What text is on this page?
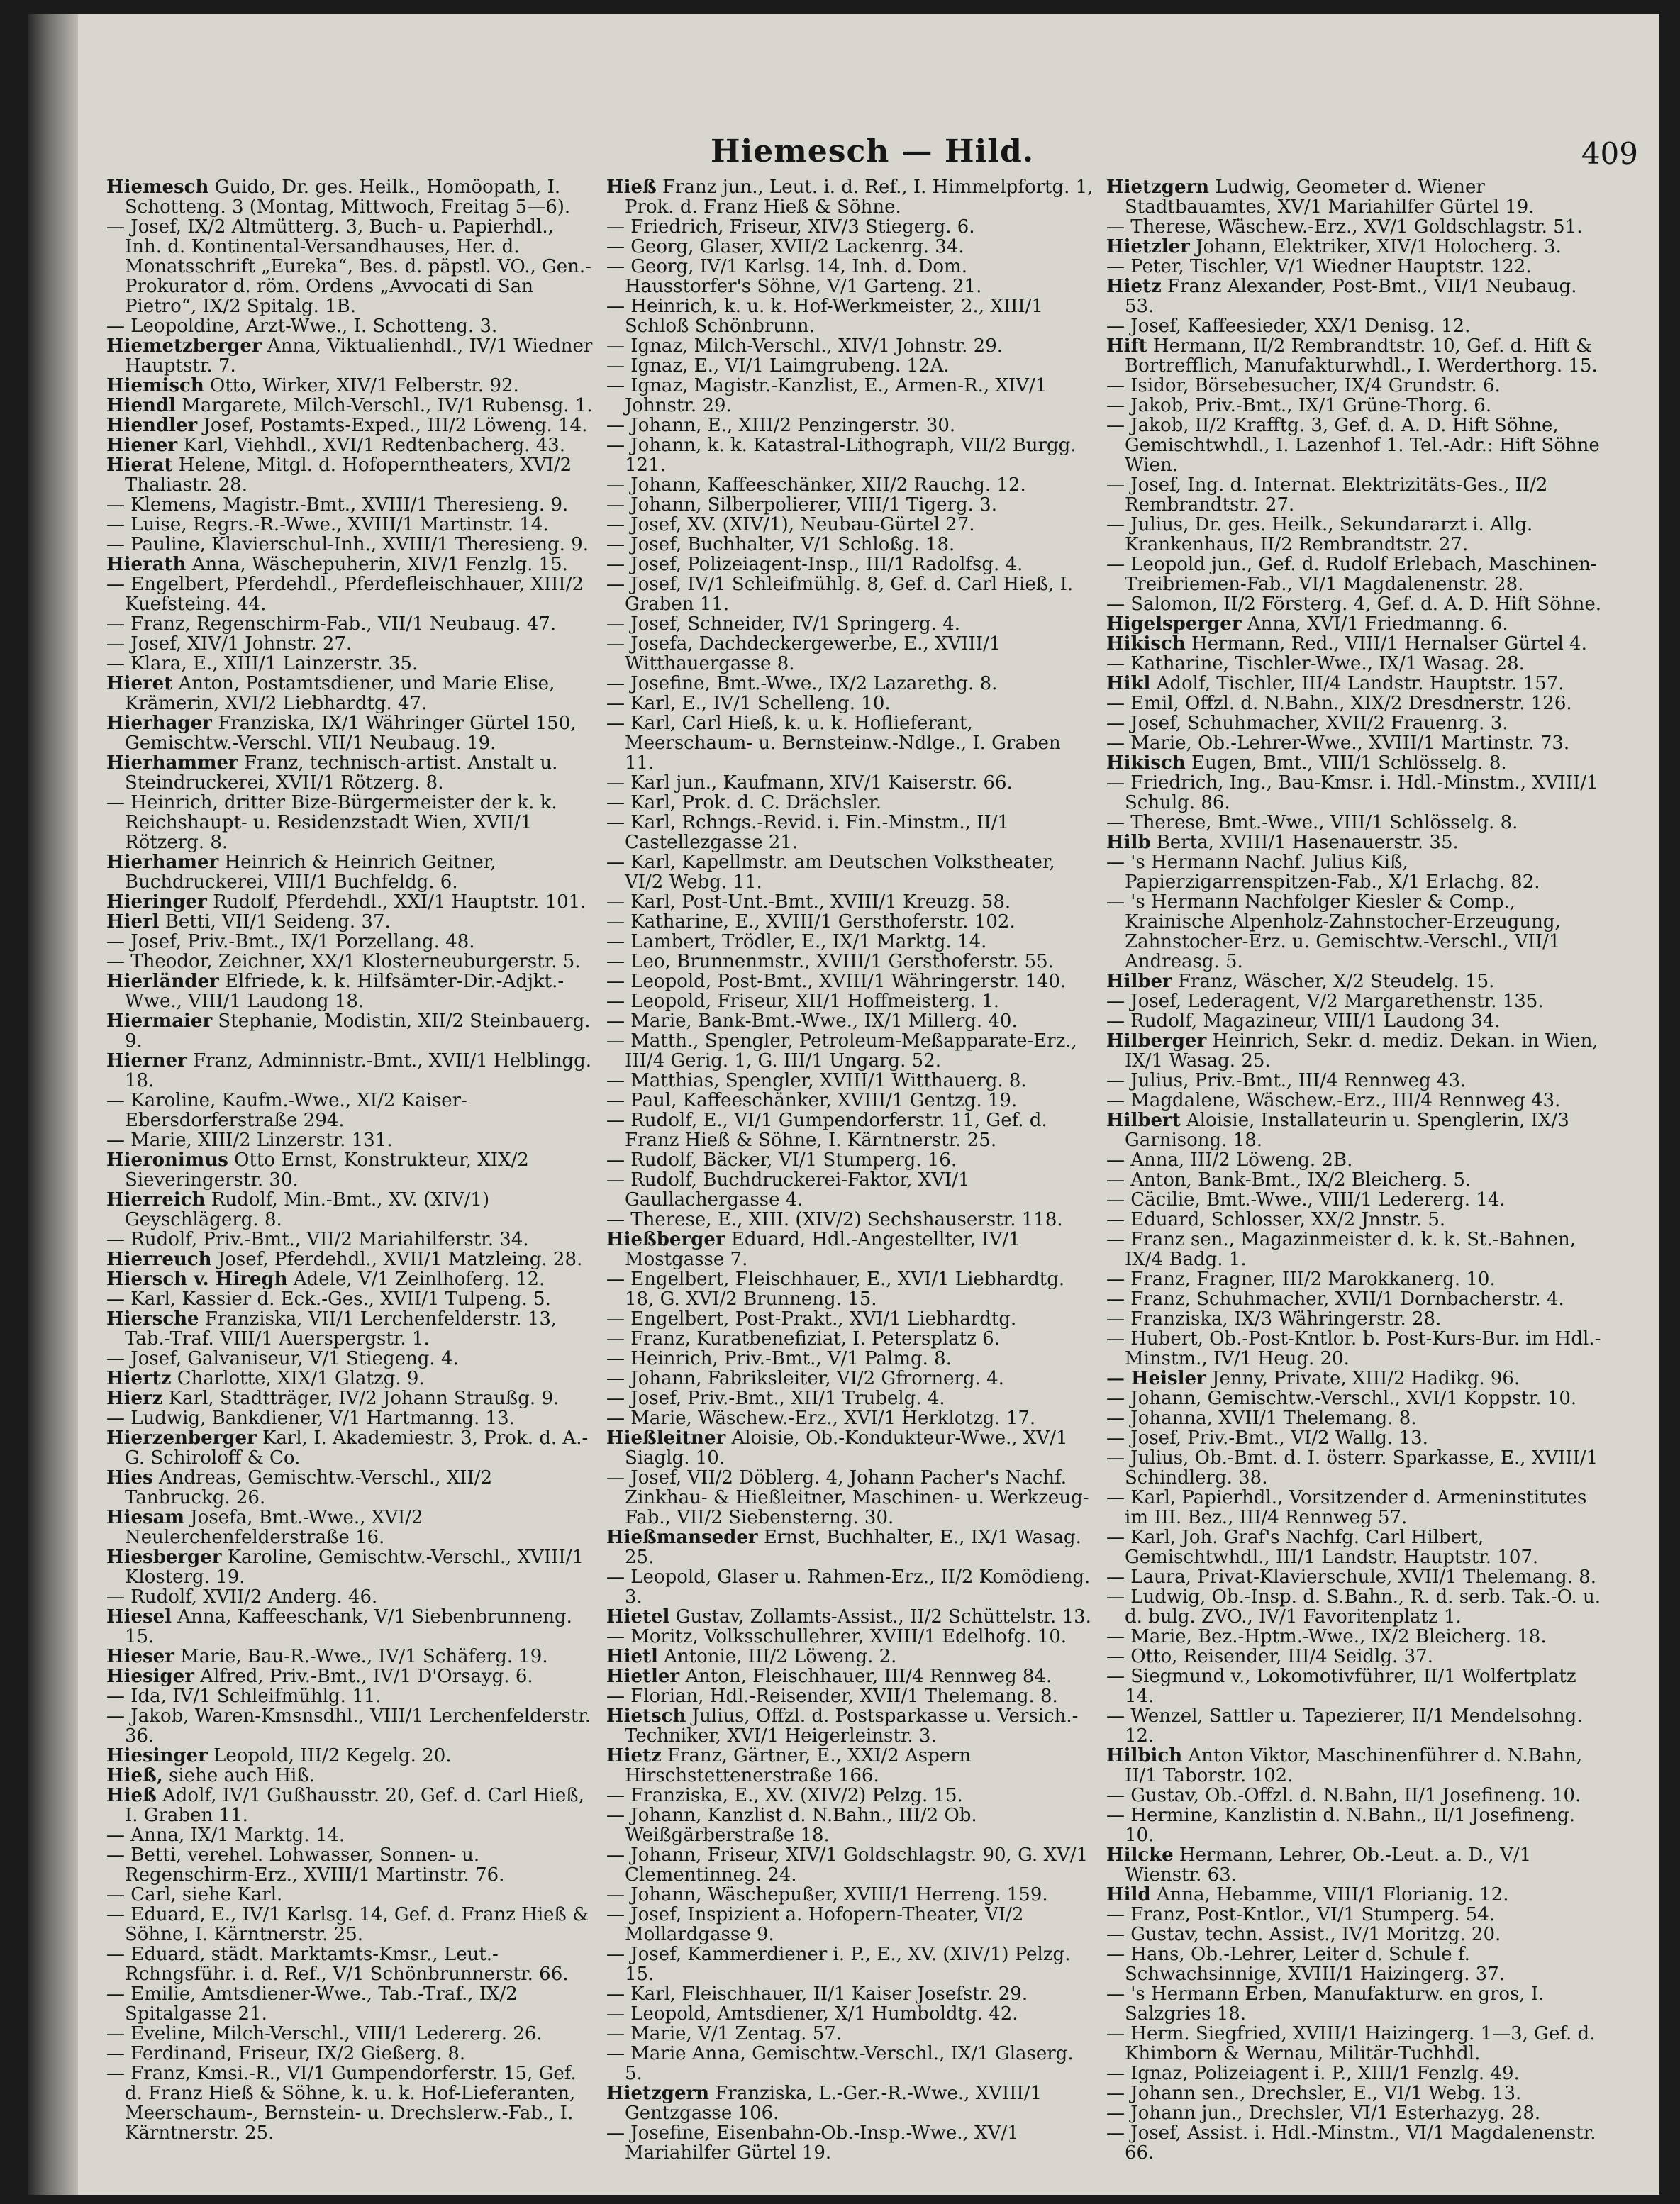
Hiemesch — Hild.	409

Hiemesch Guido, Dr. ges. Heilk., Homöopath, I. Schotteng. 3 (Montag, Mittwoch, Freitag 5—6).

— Josef, IX/2 Altmütterg. 3, Buch- u. Papierhdl., Inh. d. Kontinental-Versandhauses, Her. d. Monatsschrift „Eureka“, Bes. d. päpstl. VO., Gen.-Prokurator d. röm. Ordens „Avvocati di San Pietro“, IX/2 Spitalg. 1B.

— Leopoldine, Arzt-Wwe., I. Schotteng. 3.

Hiemetzberger Anna, Viktualienhdl., IV/1 Wiedner Hauptstr. 7.

Hiemisch Otto, Wirker, XIV/1 Felberstr. 92.

Hiendl Margarete, Milch-Verschl., IV/1 Rubensg. 1.

Hiendler Josef, Postamts-Exped., III/2 Löweng. 14.

Hiener Karl, Viehhdl., XVI/1 Redtenbacherg. 43.

Hierat Helene, Mitgl. d. Hofoperntheaters, XVI/2 Thaliastr. 28.

— Klemens, Magistr.-Bmt., XVIII/1 Theresieng. 9.

— Luise, Regrs.-R.-Wwe., XVIII/1 Martinstr. 14.

— Pauline, Klavierschul-Inh., XVIII/1 Theresieng. 9.

Hierath Anna, Wäschepuherin, XIV/1 Fenzlg. 15.

— Engelbert, Pferdehdl., Pferdefleischhauer, XIII/2 Kuefsteing. 44.

— Franz, Regenschirm-Fab., VII/1 Neubaug. 47.

— Josef, XIV/1 Johnstr. 27.

— Klara, E., XIII/1 Lainzerstr. 35.

Hieret Anton, Postamtsdiener, und Marie Elise, Krämerin, XVI/2 Liebhardtg. 47.

Hierhager Franziska, IX/1 Währinger Gürtel 150, Gemischtw.-Verschl. VII/1 Neubaug. 19.

Hierhammer Franz, technisch-artist. Anstalt u. Steindruckerei, XVII/1 Rötzerg. 8.

— Heinrich, dritter Bize-Bürgermeister der k. k. Reichshaupt- u. Residenzstadt Wien, XVII/1 Rötzerg. 8.

Hierhamer Heinrich & Heinrich Geitner, Buchdruckerei, VIII/1 Buchfeldg. 6.

Hieringer Rudolf, Pferdehdl., XXI/1 Hauptstr. 101.

Hierl Betti, VII/1 Seideng. 37.

— Josef, Priv.-Bmt., IX/1 Porzellang. 48.

— Theodor, Zeichner, XX/1 Klosterneuburgerstr. 5.

Hierländer Elfriede, k. k. Hilfsämter-Dir.-Adjkt.-Wwe., VIII/1 Laudong 18.

Hiermaier Stephanie, Modistin, XII/2 Steinbauerg. 9.

Hierner Franz, Adminnistr.-Bmt., XVII/1 Helblingg. 18.

— Karoline, Kaufm.-Wwe., XI/2 Kaiser-Ebersdorferstraße 294.

— Marie, XIII/2 Linzerstr. 131.

Hieronimus Otto Ernst, Konstrukteur, XIX/2 Sieveringerstr. 30.

Hierreich Rudolf, Min.-Bmt., XV. (XIV/1) Geyschlägerg. 8.

— Rudolf, Priv.-Bmt., VII/2 Mariahilferstr. 34.

Hierreuch Josef, Pferdehdl., XVII/1 Matzleing. 28.

Hiersch v. Hiregh Adele, V/1 Zeinlhoferg. 12.

— Karl, Kassier d. Eck.-Ges., XVII/1 Tulpeng. 5.

Hiersche Franziska, VII/1 Lerchenfelderstr. 13, Tab.-Traf. VIII/1 Auerspergstr. 1.

— Josef, Galvaniseur, V/1 Stiegeng. 4.

Hiertz Charlotte, XIX/1 Glatzg. 9.

Hierz Karl, Stadtträger, IV/2 Johann Straußg. 9.

— Ludwig, Bankdiener, V/1 Hartmanng. 13.

Hierzenberger Karl, I. Akademiestr. 3, Prok. d. A.-G. Schiroloff & Co.

Hies Andreas, Gemischtw.-Verschl., XII/2 Tanbruckg. 26.

Hiesam Josefa, Bmt.-Wwe., XVI/2 Neulerchenfelderstraße 16.

Hiesberger Karoline, Gemischtw.-Verschl., XVIII/1 Klosterg. 19.

— Rudolf, XVII/2 Anderg. 46.

Hiesel Anna, Kaffeeschank, V/1 Siebenbrunneng. 15.

Hieser Marie, Bau-R.-Wwe., IV/1 Schäferg. 19.

Hiesiger Alfred, Priv.-Bmt., IV/1 D'Orsayg. 6.

— Ida, IV/1 Schleifmühlg. 11.

— Jakob, Waren-Kmsnsdhl., VIII/1 Lerchenfelderstr. 36.

Hiesinger Leopold, III/2 Kegelg. 20.

Hieß, siehe auch Hiß.

Hieß Adolf, IV/1 Gußhausstr. 20, Gef. d. Carl Hieß, I. Graben 11.

— Anna, IX/1 Marktg. 14.

— Betti, verehel. Lohwasser, Sonnen- u. Regenschirm-Erz., XVIII/1 Martinstr. 76.

— Carl, siehe Karl.

— Eduard, E., IV/1 Karlsg. 14, Gef. d. Franz Hieß & Söhne, I. Kärntnerstr. 25.

— Eduard, städt. Marktamts-Kmsr., Leut.-Rchngsführ. i. d. Ref., V/1 Schönbrunnerstr. 66.

— Emilie, Amtsdiener-Wwe., Tab.-Traf., IX/2 Spitalgasse 21.

— Eveline, Milch-Verschl., VIII/1 Ledererg. 26.

— Ferdinand, Friseur, IX/2 Gießerg. 8.

— Franz, Kmsi.-R., VI/1 Gumpendorferstr. 15, Gef. d. Franz Hieß & Söhne, k. u. k. Hof-Lieferanten, Meerschaum-, Bernstein- u. Drechslerw.-Fab., I. Kärntnerstr. 25.

Hieß Franz jun., Leut. i. d. Ref., I. Himmelpfortg. 1, Prok. d. Franz Hieß & Söhne.

— Friedrich, Friseur, XIV/3 Stiegerg. 6.

— Georg, Glaser, XVII/2 Lackenrg. 34.

— Georg, IV/1 Karlsg. 14, Inh. d. Dom. Hausstorfer's Söhne, V/1 Garteng. 21.

— Heinrich, k. u. k. Hof-Werkmeister, 2., XIII/1 Schloß Schönbrunn.

— Ignaz, Milch-Verschl., XIV/1 Johnstr. 29.

— Ignaz, E., VI/1 Laimgrubeng. 12A.

— Ignaz, Magistr.-Kanzlist, E., Armen-R., XIV/1 Johnstr. 29.

— Johann, E., XIII/2 Penzingerstr. 30.

— Johann, k. k. Katastral-Lithograph, VII/2 Burgg. 121.

— Johann, Kaffeeschänker, XII/2 Rauchg. 12.

— Johann, Silberpolierer, VIII/1 Tigerg. 3.

— Josef, XV. (XIV/1), Neubau-Gürtel 27.

— Josef, Buchhalter, V/1 Schloßg. 18.

— Josef, Polizeiagent-Insp., III/1 Radolfsg. 4.

— Josef, IV/1 Schleifmühlg. 8, Gef. d. Carl Hieß, I. Graben 11.

— Josef, Schneider, IV/1 Springerg. 4.

— Josefa, Dachdeckergewerbe, E., XVIII/1 Witthauergasse 8.

— Josefine, Bmt.-Wwe., IX/2 Lazarethg. 8.

— Karl, E., IV/1 Schelleng. 10.

— Karl, Carl Hieß, k. u. k. Hoflieferant, Meerschaum- u. Bernsteinw.-Ndlge., I. Graben 11.

— Karl jun., Kaufmann, XIV/1 Kaiserstr. 66.

— Karl, Prok. d. C. Drächsler.

— Karl, Rchngs.-Revid. i. Fin.-Minstm., II/1 Castellezgasse 21.

— Karl, Kapellmstr. am Deutschen Volkstheater, VI/2 Webg. 11.

— Karl, Post-Unt.-Bmt., XVIII/1 Kreuzg. 58.

— Katharine, E., XVIII/1 Gersthoferstr. 102.

— Lambert, Trödler, E., IX/1 Marktg. 14.

— Leo, Brunnenmstr., XVIII/1 Gersthoferstr. 55.

— Leopold, Post-Bmt., XVIII/1 Währingerstr. 140.

— Leopold, Friseur, XII/1 Hoffmeisterg. 1.

— Marie, Bank-Bmt.-Wwe., IX/1 Millerg. 40.

— Matth., Spengler, Petroleum-Meßapparate-Erz., III/4 Gerig. 1, G. III/1 Ungarg. 52.

— Matthias, Spengler, XVIII/1 Witthauerg. 8.

— Paul, Kaffeeschänker, XVIII/1 Gentzg. 19.

— Rudolf, E., VI/1 Gumpendorferstr. 11, Gef. d. Franz Hieß & Söhne, I. Kärntnerstr. 25.

— Rudolf, Bäcker, VI/1 Stumperg. 16.

— Rudolf, Buchdruckerei-Faktor, XVI/1 Gaullachergasse 4.

— Therese, E., XIII. (XIV/2) Sechshauserstr. 118.

Hießberger Eduard, Hdl.-Angestellter, IV/1 Mostgasse 7.

— Engelbert, Fleischhauer, E., XVI/1 Liebhardtg. 18, G. XVI/2 Brunneng. 15.

— Engelbert, Post-Prakt., XVI/1 Liebhardtg.

— Franz, Kuratbenefiziat, I. Petersplatz 6.

— Heinrich, Priv.-Bmt., V/1 Palmg. 8.

— Johann, Fabriksleiter, VI/2 Gfrornerg. 4.

— Josef, Priv.-Bmt., XII/1 Trubelg. 4.

— Marie, Wäschew.-Erz., XVI/1 Herklotzg. 17.

Hießleitner Aloisie, Ob.-Kondukteur-Wwe., XV/1 Siaglg. 10.

— Josef, VII/2 Döblerg. 4, Johann Pacher's Nachf. Zinkhau- & Hießleitner, Maschinen- u. Werkzeug-Fab., VII/2 Siebensterng. 30.

Hießmanseder Ernst, Buchhalter, E., IX/1 Wasag. 25.

— Leopold, Glaser u. Rahmen-Erz., II/2 Komödieng. 3.

Hietel Gustav, Zollamts-Assist., II/2 Schüttelstr. 13.

— Moritz, Volksschullehrer, XVIII/1 Edelhofg. 10.

Hietl Antonie, III/2 Löweng. 2.

Hietler Anton, Fleischhauer, III/4 Rennweg 84.

— Florian, Hdl.-Reisender, XVII/1 Thelemang. 8.

Hietsch Julius, Offzl. d. Postsparkasse u. Versich.-Techniker, XVI/1 Heigerleinstr. 3.

Hietz Franz, Gärtner, E., XXI/2 Aspern Hirschstettenerstraße 166.

— Franziska, E., XV. (XIV/2) Pelzg. 15.

— Johann, Kanzlist d. N.Bahn., III/2 Ob. Weißgärberstraße 18.

— Johann, Friseur, XIV/1 Goldschlagstr. 90, G. XV/1 Clementinneg. 24.

— Johann, Wäschepußer, XVIII/1 Herreng. 159.

— Josef, Inspizient a. Hofopern-Theater, VI/2 Mollardgasse 9.

— Josef, Kammerdiener i. P., E., XV. (XIV/1) Pelzg. 15.

— Karl, Fleischhauer, II/1 Kaiser Josefstr. 29.

— Leopold, Amtsdiener, X/1 Humboldtg. 42.

— Marie, V/1 Zentag. 57.

— Marie Anna, Gemischtw.-Verschl., IX/1 Glaserg. 5.

Hietzgern Franziska, L.-Ger.-R.-Wwe., XVIII/1 Gentzgasse 106.

— Josefine, Eisenbahn-Ob.-Insp.-Wwe., XV/1 Mariahilfer Gürtel 19.

Hietzgern Ludwig, Geometer d. Wiener Stadtbauamtes, XV/1 Mariahilfer Gürtel 19.

— Therese, Wäschew.-Erz., XV/1 Goldschlagstr. 51.

Hietzler Johann, Elektriker, XIV/1 Holocherg. 3.

— Peter, Tischler, V/1 Wiedner Hauptstr. 122.

Hietz Franz Alexander, Post-Bmt., VII/1 Neubaug. 53.

— Josef, Kaffeesieder, XX/1 Denisg. 12.

Hift Hermann, II/2 Rembrandtstr. 10, Gef. d. Hift & Bortrefflich, Manufakturwhdl., I. Werderthorg. 15.

— Isidor, Börsebesucher, IX/4 Grundstr. 6.

— Jakob, Priv.-Bmt., IX/1 Grüne-Thorg. 6.

— Jakob, II/2 Krafftg. 3, Gef. d. A. D. Hift Söhne, Gemischtwhdl., I. Lazenhof 1. Tel.-Adr.: Hift Söhne Wien.

— Josef, Ing. d. Internat. Elektrizitäts-Ges., II/2 Rembrandtstr. 27.

— Julius, Dr. ges. Heilk., Sekundararzt i. Allg. Krankenhaus, II/2 Rembrandtstr. 27.

— Leopold jun., Gef. d. Rudolf Erlebach, Maschinen-Treibriemen-Fab., VI/1 Magdalenenstr. 28.

— Salomon, II/2 Försterg. 4, Gef. d. A. D. Hift Söhne.

Higelsperger Anna, XVI/1 Friedmanng. 6.

Hikisch Hermann, Red., VIII/1 Hernalser Gürtel 4.

— Katharine, Tischler-Wwe., IX/1 Wasag. 28.

Hikl Adolf, Tischler, III/4 Landstr. Hauptstr. 157.

— Emil, Offzl. d. N.Bahn., XIX/2 Dresdnerstr. 126.

— Josef, Schuhmacher, XVII/2 Frauenrg. 3.

— Marie, Ob.-Lehrer-Wwe., XVIII/1 Martinstr. 73.

Hikisch Eugen, Bmt., VIII/1 Schlösselg. 8.

— Friedrich, Ing., Bau-Kmsr. i. Hdl.-Minstm., XVIII/1 Schulg. 86.

— Therese, Bmt.-Wwe., VIII/1 Schlösselg. 8.

Hilb Berta, XVIII/1 Hasenauerstr. 35.

— 's Hermann Nachf. Julius Kiß, Papierzigarrenspitzen-Fab., X/1 Erlachg. 82.

— 's Hermann Nachfolger Kiesler & Comp., Krainische Alpenholz-Zahnstocher-Erzeugung, Zahnstocher-Erz. u. Gemischtw.-Verschl., VII/1 Andreasg. 5.

Hilber Franz, Wäscher, X/2 Steudelg. 15.

— Josef, Lederagent, V/2 Margarethenstr. 135.

— Rudolf, Magazineur, VIII/1 Laudong 34.

Hilberger Heinrich, Sekr. d. mediz. Dekan. in Wien, IX/1 Wasag. 25.

— Julius, Priv.-Bmt., III/4 Rennweg 43.

— Magdalene, Wäschew.-Erz., III/4 Rennweg 43.

Hilbert Aloisie, Installateurin u. Spenglerin, IX/3 Garnisong. 18.

— Anna, III/2 Löweng. 2B.

— Anton, Bank-Bmt., IX/2 Bleicherg. 5.

— Cäcilie, Bmt.-Wwe., VIII/1 Ledererg. 14.

— Eduard, Schlosser, XX/2 Jnnstr. 5.

— Franz sen., Magazinmeister d. k. k. St.-Bahnen, IX/4 Badg. 1.

— Franz, Fragner, III/2 Marokkanerg. 10.

— Franz, Schuhmacher, XVII/1 Dornbacherstr. 4.

— Franziska, IX/3 Währingerstr. 28.

— Hubert, Ob.-Post-Kntlor. b. Post-Kurs-Bur. im Hdl.-Minstm., IV/1 Heug. 20.

— Heisler Jenny, Private, XIII/2 Hadikg. 96.

— Johann, Gemischtw.-Verschl., XVI/1 Koppstr. 10.

— Johanna, XVII/1 Thelemang. 8.

— Josef, Priv.-Bmt., VI/2 Wallg. 13.

— Julius, Ob.-Bmt. d. I. österr. Sparkasse, E., XVIII/1 Schindlerg. 38.

— Karl, Papierhdl., Vorsitzender d. Armeninstitutes im III. Bez., III/4 Rennweg 57.

— Karl, Joh. Graf's Nachfg. Carl Hilbert, Gemischtwhdl., III/1 Landstr. Hauptstr. 107.

— Laura, Privat-Klavierschule, XVII/1 Thelemang. 8.

— Ludwig, Ob.-Insp. d. S.Bahn., R. d. serb. Tak.-O. u. d. bulg. ZVO., IV/1 Favoritenplatz 1.

— Marie, Bez.-Hptm.-Wwe., IX/2 Bleicherg. 18.

— Otto, Reisender, III/4 Seidlg. 37.

— Siegmund v., Lokomotivführer, II/1 Wolfertplatz 14.

— Wenzel, Sattler u. Tapezierer, II/1 Mendelsohng. 12.

Hilbich Anton Viktor, Maschinenführer d. N.Bahn, II/1 Taborstr. 102.

— Gustav, Ob.-Offzl. d. N.Bahn, II/1 Josefineng. 10.

— Hermine, Kanzlistin d. N.Bahn., II/1 Josefineng. 10.

Hilcke Hermann, Lehrer, Ob.-Leut. a. D., V/1 Wienstr. 63.

Hild Anna, Hebamme, VIII/1 Florianig. 12.

— Franz, Post-Kntlor., VI/1 Stumperg. 54.

— Gustav, techn. Assist., IV/1 Moritzg. 20.

— Hans, Ob.-Lehrer, Leiter d. Schule f. Schwachsinnige, XVIII/1 Haizingerg. 37.

— 's Hermann Erben, Manufakturw. en gros, I. Salzgries 18.

— Herm. Siegfried, XVIII/1 Haizingerg. 1—3, Gef. d. Khimborn & Wernau, Militär-Tuchhdl.

— Ignaz, Polizeiagent i. P., XIII/1 Fenzlg. 49.

— Johann sen., Drechsler, E., VI/1 Webg. 13.

— Johann jun., Drechsler, VI/1 Esterhazyg. 28.

— Josef, Assist. i. Hdl.-Minstm., VI/1 Magdalenenstr. 66.
